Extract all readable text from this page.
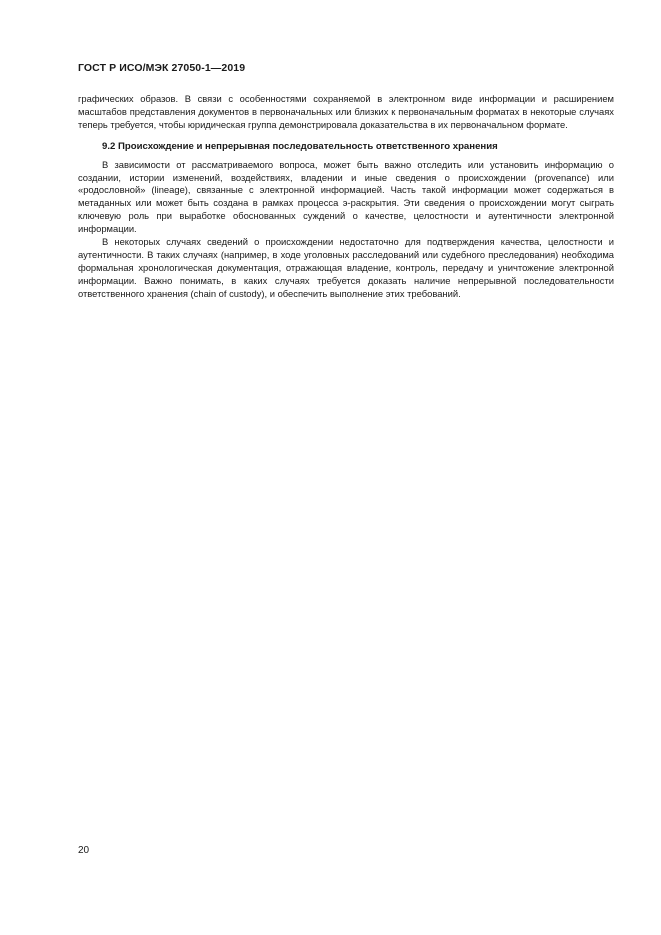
ГОСТ Р ИСО/МЭК 27050-1—2019

графических образов. В связи с особенностями сохраняемой в электронном виде информации и расширением масштабов представления документов в первоначальных или близких к первоначальным форматах в некоторые случаях теперь требуется, чтобы юридическая группа демонстрировала доказательства в их первоначальном формате.

9.2 Происхождение и непрерывная последовательность ответственного хранения

В зависимости от рассматриваемого вопроса, может быть важно отследить или установить информацию о создании, истории изменений, воздействиях, владении и иные сведения о происхождении (provenance) или «родословной» (lineage), связанные с электронной информацией. Часть такой информации может содержаться в метаданных или может быть создана в рамках процесса э-раскрытия. Эти сведения о происхождении могут сыграть ключевую роль при выработке обоснованных суждений о качестве, целостности и аутентичности электронной информации.

В некоторых случаях сведений о происхождении недостаточно для подтверждения качества, целостности и аутентичности. В таких случаях (например, в ходе уголовных расследований или судебного преследования) необходима формальная хронологическая документация, отражающая владение, контроль, передачу и уничтожение электронной информации. Важно понимать, в каких случаях требуется доказать наличие непрерывной последовательности ответственного хранения (chain of custody), и обеспечить выполнение этих требований.

20
